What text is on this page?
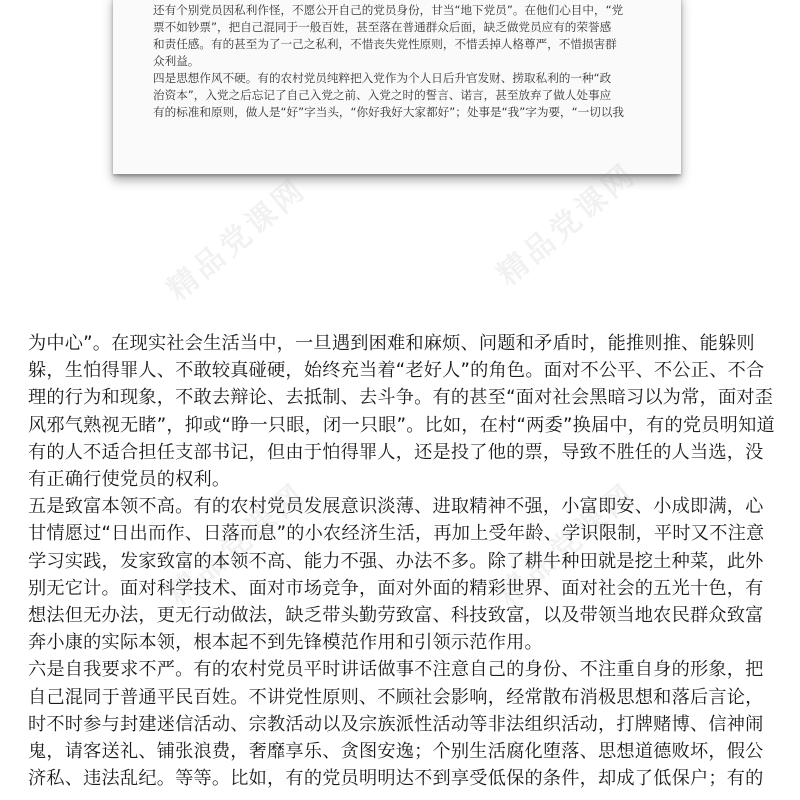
还有个别党员因私利作怪，不愿公开自己的党员身份，甘当“地下党员”。在他们心目中，“党

票不如钞票”，把自己混同于一般百姓，甚至落在普通群众后面，缺乏做党员应有的荣誉感

和责任感。有的甚至为了一己之私利，不惜丧失党性原则，不惜丢掉人格尊严，不惜损害群

众利益。

四是思想作风不硬。有的农村党员纯粹把入党作为个人日后升官发财、捞取私利的一种“政

治资本”，入党之后忘记了自己入党之前、入党之时的誓言、诺言，甚至放弃了做人处事应

有的标准和原则，做人是“好”字当头，“你好我好大家都好”；处事是“我”字为要，“一切以我

精品党课网	精品党课网

为中心”。在现实社会生活当中，一旦遇到困难和麻烦、问题和矛盾时，能推则推、能躲则

躲，生怕得罪人、不敢较真碰硬，始终充当着“老好人”的角色。面对不公平、不公正、不合

理的行为和现象，不敢去辩论、去抵制、去斗争。有的甚至“面对社会黑暗习以为常，面对歪

风邪气熟视无睹”，抑或“睁一只眼，闭一只眼”。比如，在村“两委”换届中，有的党员明知道

有的人不适合担任支部书记，但由于怕得罪人，还是投了他的票，导致不胜任的人当选，没

有正确行使党员的权利。

五是致富本领不高。有的农村党员发展意识淡薄、进取精神不强，小富即安、小成即满，心

甘情愿过“日出而作、日落而息”的小农经济生活，再加上受年龄、学识限制，平时又不注意

学习实践，发家致富的本领不高、能力不强、办法不多。除了耕牛种田就是挖土种菜，此外

别无它计。面对科学技术、面对市场竞争，面对外面的精彩世界、面对社会的五光十色，有

想法但无办法，更无行动做法，缺乏带头勤劳致富、科技致富，以及带领当地农民群众致富

奔小康的实际本领，根本起不到先锋模范作用和引领示范作用。

六是自我要求不严。有的农村党员平时讲话做事不注意自己的身份、不注重自身的形象，把

自己混同于普通平民百姓。不讲党性原则、不顾社会影响，经常散布消极思想和落后言论，

时不时参与封建迷信活动、宗教活动以及宗族派性活动等非法组织活动，打牌赌博、信神闹

鬼，请客送礼、铺张浪费，奢靡享乐、贪图安逸；个别生活腐化堕落、思想道德败坏，假公

济私、违法乱纪。等等。比如，有的党员明明达不到享受低保的条件，却成了低保户；有的
